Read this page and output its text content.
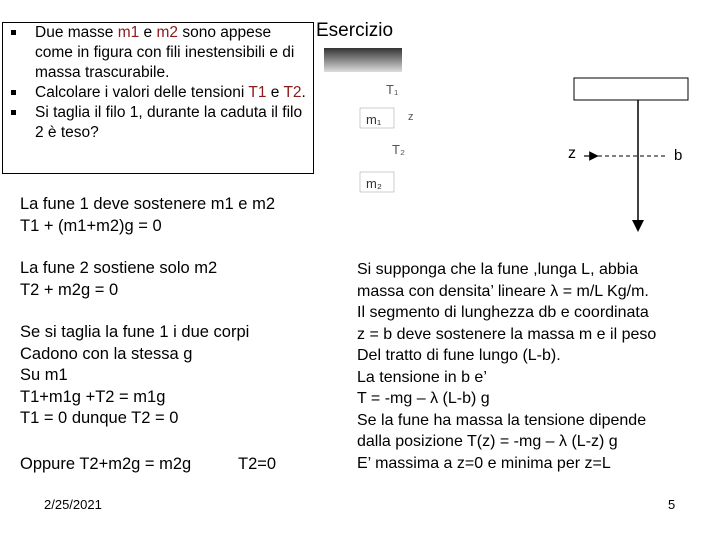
Esercizio
Due masse m1 e m2 sono appese come in figura con fili inestensibili e di massa trascurabile.
Calcolare i valori delle tensioni T1 e T2.
Si taglia il filo 1, durante la caduta il filo 2 è teso?
T₁
z
m₁
T₂
m₂
z	b
La fune 1 deve sostenere m1 e m2
T1 + (m1+m2)g = 0
La fune 2 sostiene solo m2
T2 + m2g = 0
Se si taglia la fune 1 i due corpi
Cadono con la stessa g
Su m1
T1+m1g +T2 = m1g
T1 = 0 dunque T2 = 0
Oppure T2+m2g = m2g	T2=0
Si supponga che la fune ,lunga L, abbia
massa con densita’ lineare λ = m/L Kg/m.
Il segmento di lunghezza db e coordinata
z = b deve sostenere la massa m e il peso
Del tratto di fune lungo (L-b).
La tensione in b e’
T = -mg – λ (L-b) g
Se la fune ha massa la tensione dipende
dalla posizione T(z) = -mg – λ (L-z) g
E’ massima a z=0 e minima per z=L
2/25/2021	5
